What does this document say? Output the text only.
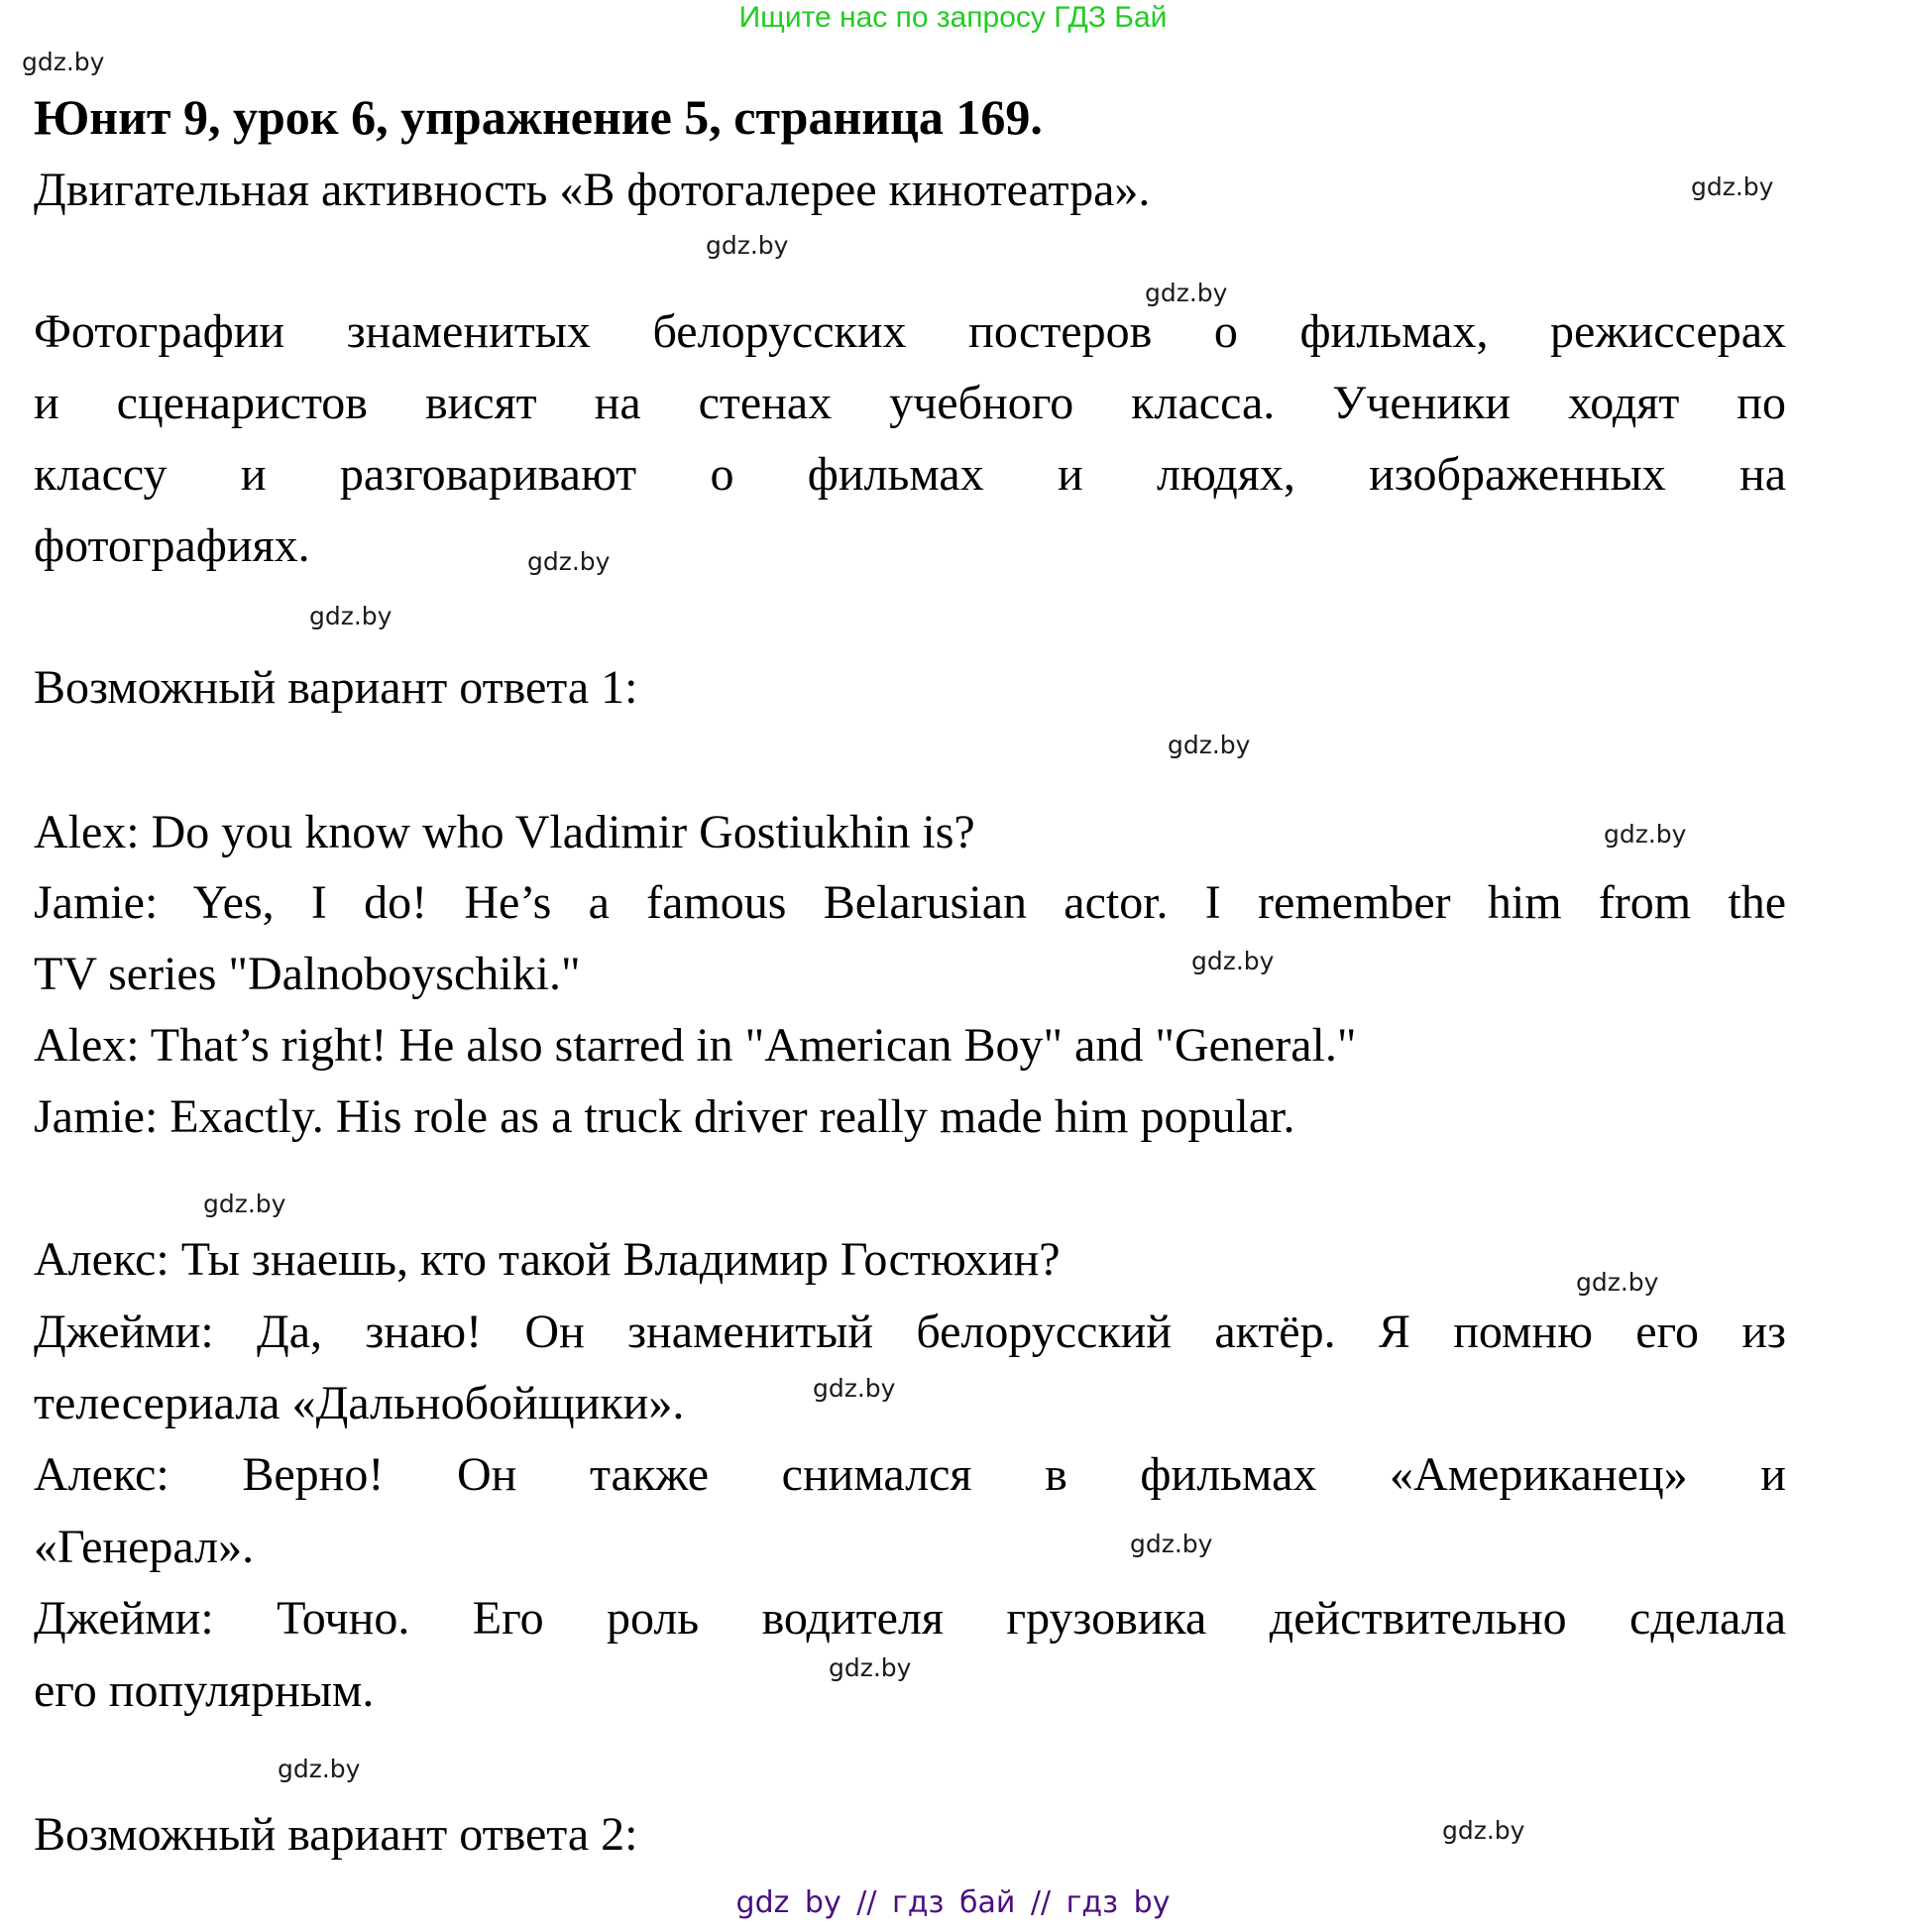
Ищите нас по запросу ГДЗ Бай
gdz.by
gdz.by
gdz.by
gdz.by
gdz.by
gdz.by
gdz.by
gdz.by
gdz.by
gdz.by
gdz.by
gdz.by
gdz.by
gdz.by
gdz.by
gdz.by
Юнит 9, урок 6, упражнение 5, страница 169.
Двигательная активность «В фотогалерее кинотеатра».
Фотографии знаменитых белорусских постеров о фильмах, режиссерах
и сценаристов висят на стенах учебного класса. Ученики ходят по
классу и разговаривают о фильмах и людях, изображенных на
фотографиях.
Возможный вариант ответа 1:
Alex: Do you know who Vladimir Gostiukhin is?
Jamie: Yes, I do! He’s a famous Belarusian actor. I remember him from the
TV series "Dalnoboyschiki."
Alex: That’s right! He also starred in "American Boy" and "General."
Jamie: Exactly. His role as a truck driver really made him popular.
Алекс: Ты знаешь, кто такой Владимир Гостюхин?
Джейми: Да, знаю! Он знаменитый белорусский актёр. Я помню его из
телесериала «Дальнобойщики».
Алекс: Верно! Он также снимался в фильмах «Американец» и
«Генерал».
Джейми: Точно. Его роль водителя грузовика действительно сделала
его популярным.
Возможный вариант ответа 2:
gdz by // гдз бай // гдз by
